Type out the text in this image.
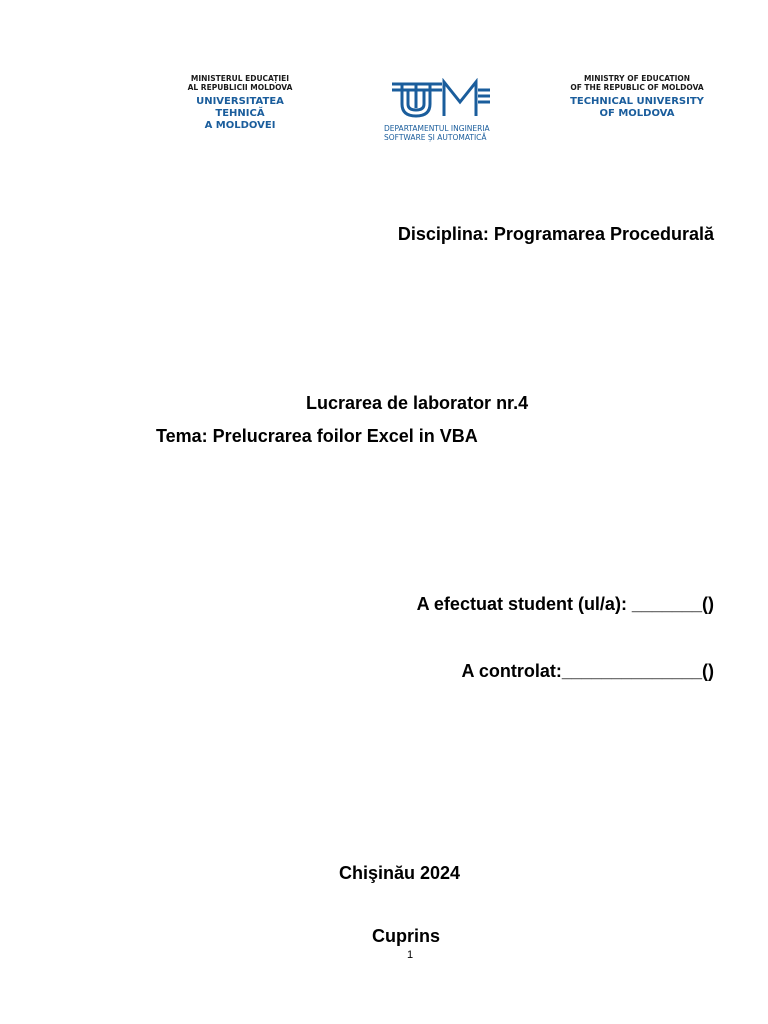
MINISTERUL EDUCAȚIEI
AL REPUBLICII MOLDOVA
UNIVERSITATEA TEHNICĂ
A MOLDOVEI	DEPARTAMENTUL INGINERIA
SOFTWARE ȘI AUTOMATICĂ
MINISTRY OF EDUCATION
OF THE REPUBLIC OF MOLDOVA
TECHNICAL UNIVERSITY
OF MOLDOVA
Disciplina: Programarea Procedurală
Lucrarea de laborator nr.4
Tema: Prelucrarea foilor Excel in VBA
A efectuat student (ul/a): _______()
A controlat:______________()
Chişinău 2024
Cuprins
1
